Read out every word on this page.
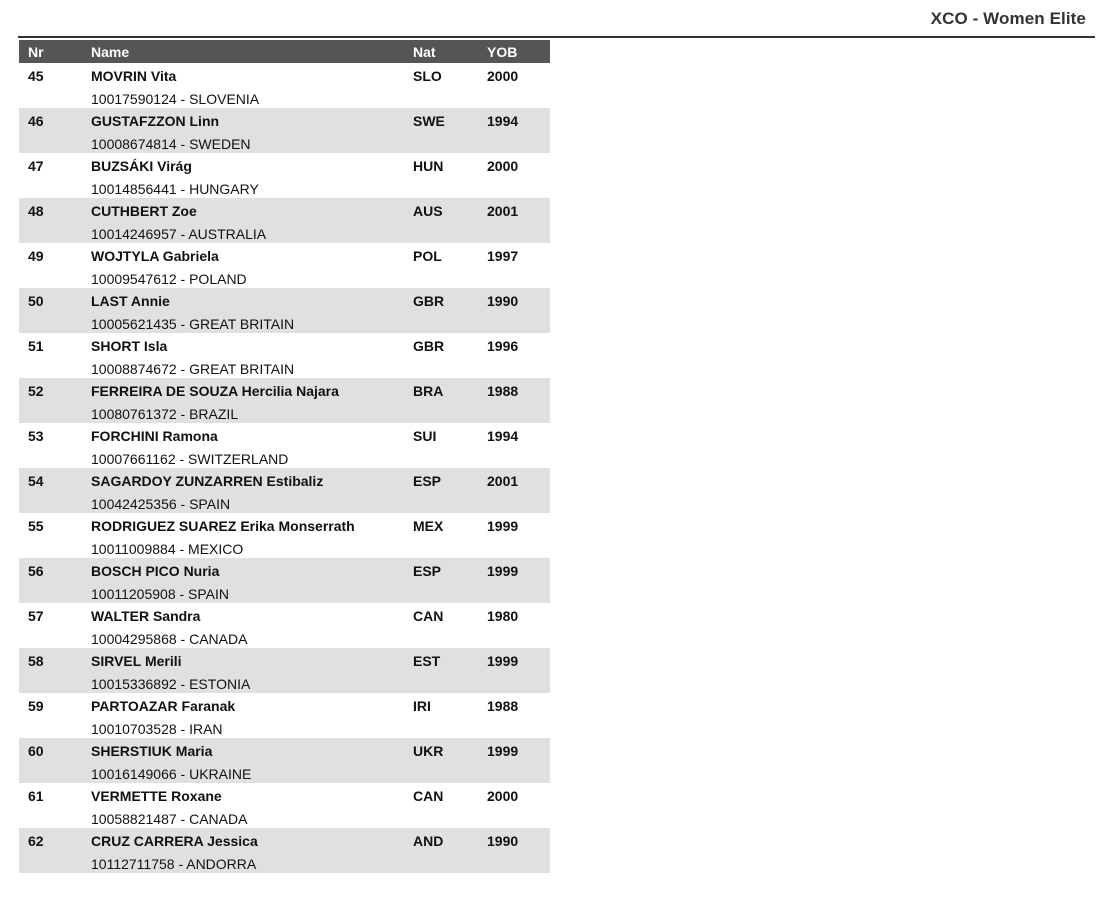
XCO - Women Elite
Nr	Name	Nat	YOB
45	MOVRIN Vita	SLO	2000
10017590124 - SLOVENIA
46	GUSTAFZZON Linn	SWE	1994
10008674814 - SWEDEN
47	BUZSÁKI Virág	HUN	2000
10014856441 - HUNGARY
48	CUTHBERT Zoe	AUS	2001
10014246957 - AUSTRALIA
49	WOJTYLA Gabriela	POL	1997
10009547612 - POLAND
50	LAST Annie	GBR	1990
10005621435 - GREAT BRITAIN
51	SHORT Isla	GBR	1996
10008874672 - GREAT BRITAIN
52	FERREIRA DE SOUZA Hercilia Najara	BRA	1988
10080761372 - BRAZIL
53	FORCHINI Ramona	SUI	1994
10007661162 - SWITZERLAND
54	SAGARDOY ZUNZARREN Estibaliz	ESP	2001
10042425356 - SPAIN
55	RODRIGUEZ SUAREZ Erika Monserrath	MEX	1999
10011009884 - MEXICO
56	BOSCH PICO Nuria	ESP	1999
10011205908 - SPAIN
57	WALTER Sandra	CAN	1980
10004295868 - CANADA
58	SIRVEL Merili	EST	1999
10015336892 - ESTONIA
59	PARTOAZAR Faranak	IRI	1988
10010703528 - IRAN
60	SHERSTIUK Maria	UKR	1999
10016149066 - UKRAINE
61	VERMETTE Roxane	CAN	2000
10058821487 - CANADA
62	CRUZ CARRERA Jessica	AND	1990
10112711758 - ANDORRA
